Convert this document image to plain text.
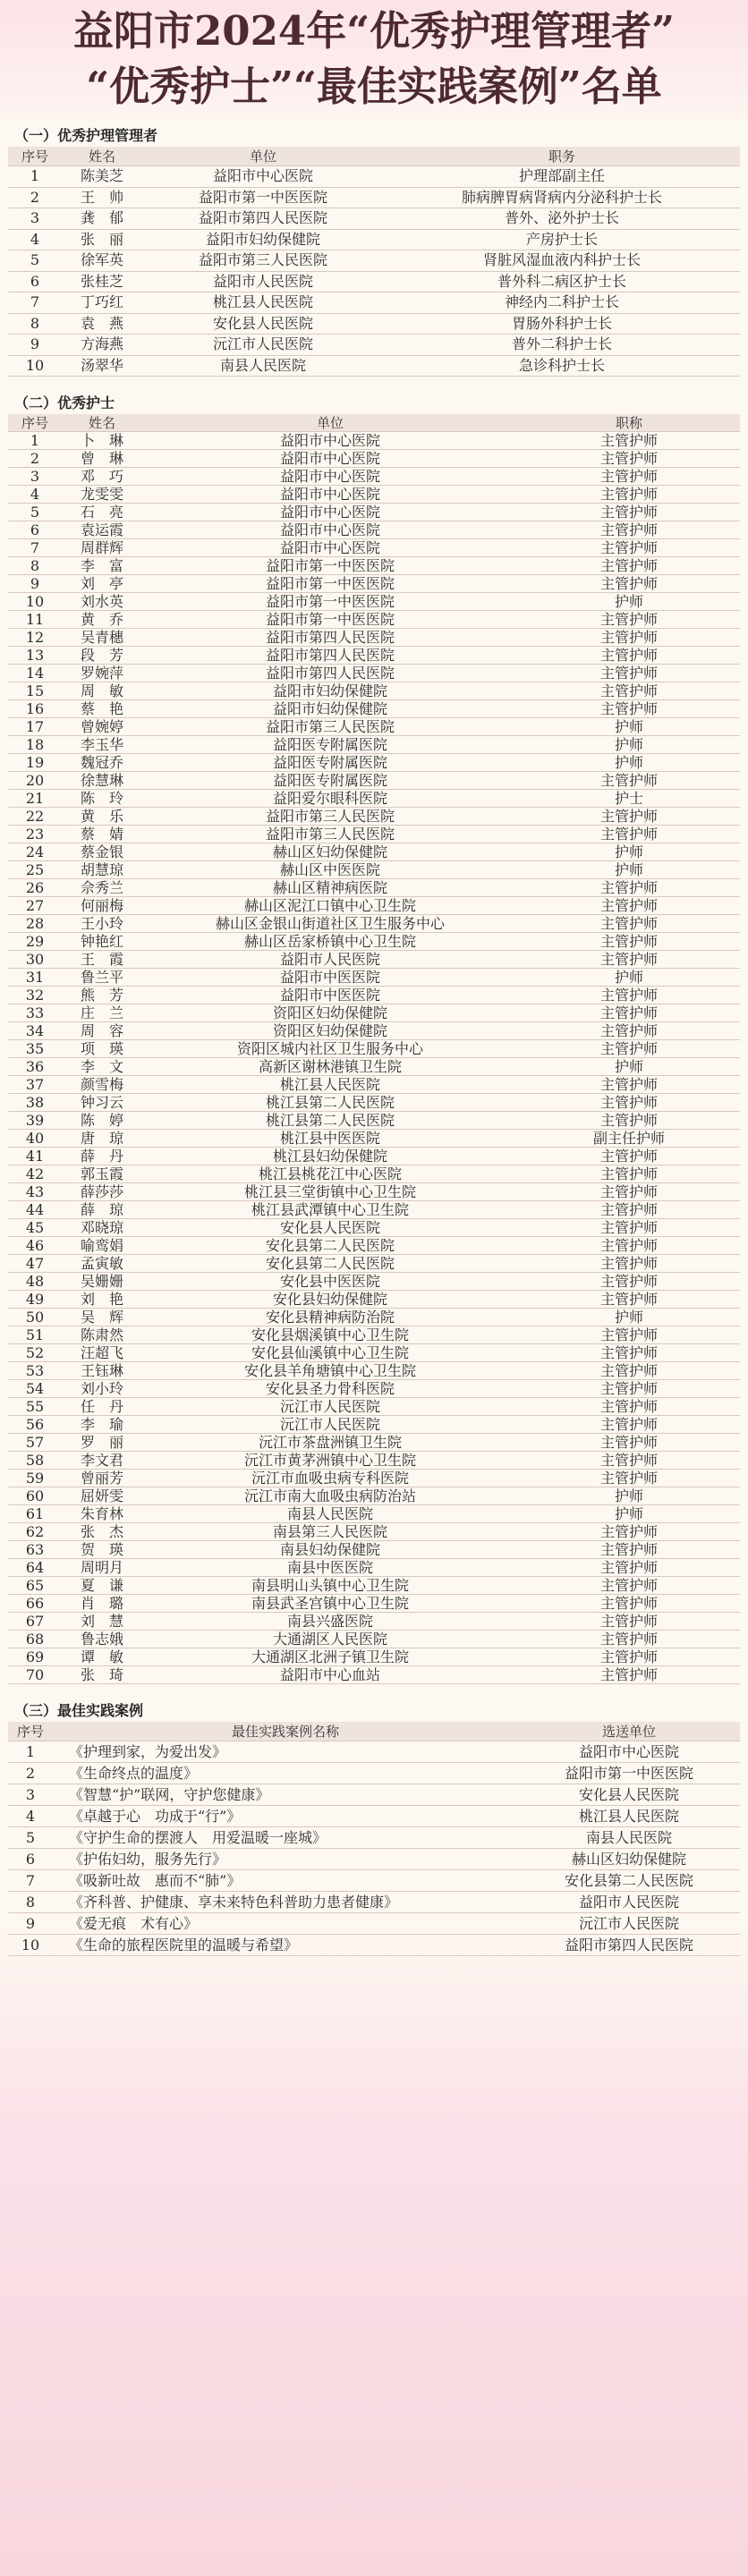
益阳市2024年“优秀护理管理者”
“优秀护士”“最佳实践案例”名单
（一）优秀护理管理者
序号	姓名	单位	职务
1	陈美芝	益阳市中心医院	护理部副主任
2	王　帅	益阳市第一中医医院	肺病脾胃病肾病内分泌科护士长
3	龚　郁	益阳市第四人民医院	普外、泌外护士长
4	张　丽	益阳市妇幼保健院	产房护士长
5	徐军英	益阳市第三人民医院	肾脏风湿血液内科护士长
6	张桂芝	益阳市人民医院	普外科二病区护士长
7	丁巧红	桃江县人民医院	神经内二科护士长
8	袁　燕	安化县人民医院	胃肠外科护士长
9	方海燕	沅江市人民医院	普外二科护士长
10	汤翠华	南县人民医院	急诊科护士长
（二）优秀护士
序号	姓名	单位	职称
1	卜　琳	益阳市中心医院	主管护师
2	曾　琳	益阳市中心医院	主管护师
3	邓　巧	益阳市中心医院	主管护师
4	龙雯雯	益阳市中心医院	主管护师
5	石　亮	益阳市中心医院	主管护师
6	袁运霞	益阳市中心医院	主管护师
7	周群辉	益阳市中心医院	主管护师
8	李　富	益阳市第一中医医院	主管护师
9	刘　亭	益阳市第一中医医院	主管护师
10	刘水英	益阳市第一中医医院	护师
11	黄　乔	益阳市第一中医医院	主管护师
12	吴青穗	益阳市第四人民医院	主管护师
13	段　芳	益阳市第四人民医院	主管护师
14	罗婉萍	益阳市第四人民医院	主管护师
15	周　敏	益阳市妇幼保健院	主管护师
16	蔡　艳	益阳市妇幼保健院	主管护师
17	曾婉婷	益阳市第三人民医院	护师
18	李玉华	益阳医专附属医院	护师
19	魏冠乔	益阳医专附属医院	护师
20	徐慧琳	益阳医专附属医院	主管护师
21	陈　玲	益阳爱尔眼科医院	护士
22	黄　乐	益阳市第三人民医院	主管护师
23	蔡　婧	益阳市第三人民医院	主管护师
24	蔡金银	赫山区妇幼保健院	护师
25	胡慧琼	赫山区中医医院	护师
26	佘秀兰	赫山区精神病医院	主管护师
27	何丽梅	赫山区泥江口镇中心卫生院	主管护师
28	王小玲	赫山区金银山街道社区卫生服务中心	主管护师
29	钟艳红	赫山区岳家桥镇中心卫生院	主管护师
30	王　霞	益阳市人民医院	主管护师
31	鲁兰平	益阳市中医医院	护师
32	熊　芳	益阳市中医医院	主管护师
33	庄　兰	资阳区妇幼保健院	主管护师
34	周　容	资阳区妇幼保健院	主管护师
35	项　瑛	资阳区城内社区卫生服务中心	主管护师
36	李　文	高新区谢林港镇卫生院	护师
37	颜雪梅	桃江县人民医院	主管护师
38	钟习云	桃江县第二人民医院	主管护师
39	陈　婷	桃江县第二人民医院	主管护师
40	唐　琼	桃江县中医医院	副主任护师
41	薛　丹	桃江县妇幼保健院	主管护师
42	郭玉霞	桃江县桃花江中心医院	主管护师
43	薛莎莎	桃江县三堂街镇中心卫生院	主管护师
44	薛　琼	桃江县武潭镇中心卫生院	主管护师
45	邓晓琼	安化县人民医院	主管护师
46	喻鸾娟	安化县第二人民医院	主管护师
47	孟寅敏	安化县第二人民医院	主管护师
48	吴姗姗	安化县中医医院	主管护师
49	刘　艳	安化县妇幼保健院	主管护师
50	吴　辉	安化县精神病防治院	护师
51	陈肃然	安化县烟溪镇中心卫生院	主管护师
52	汪超飞	安化县仙溪镇中心卫生院	主管护师
53	王钰琳	安化县羊角塘镇中心卫生院	主管护师
54	刘小玲	安化县圣力骨科医院	主管护师
55	任　丹	沅江市人民医院	主管护师
56	李　瑜	沅江市人民医院	主管护师
57	罗　丽	沅江市茶盘洲镇卫生院	主管护师
58	李文君	沅江市黄茅洲镇中心卫生院	主管护师
59	曾丽芳	沅江市血吸虫病专科医院	主管护师
60	屈妍雯	沅江市南大血吸虫病防治站	护师
61	朱育林	南县人民医院	护师
62	张　杰	南县第三人民医院	主管护师
63	贺　瑛	南县妇幼保健院	主管护师
64	周明月	南县中医医院	主管护师
65	夏　谦	南县明山头镇中心卫生院	主管护师
66	肖　璐	南县武圣宫镇中心卫生院	主管护师
67	刘　慧	南县兴盛医院	主管护师
68	鲁志娥	大通湖区人民医院	主管护师
69	谭　敏	大通湖区北洲子镇卫生院	主管护师
70	张　琦	益阳市中心血站	主管护师
（三）最佳实践案例
序号	最佳实践案例名称	选送单位
1	《护理到家，为爱出发》	益阳市中心医院
2	《生命终点的温度》	益阳市第一中医医院
3	《智慧“护”联网，守护您健康》	安化县人民医院
4	《卓越于心　功成于“行”》	桃江县人民医院
5	《守护生命的摆渡人　用爱温暖一座城》	南县人民医院
6	《护佑妇幼，服务先行》	赫山区妇幼保健院
7	《吸新吐故　惠而不“肺”》	安化县第二人民医院
8	《齐科普、护健康、享未来特色科普助力患者健康》	益阳市人民医院
9	《爱无痕　术有心》	沅江市人民医院
10	《生命的旅程医院里的温暖与希望》	益阳市第四人民医院
